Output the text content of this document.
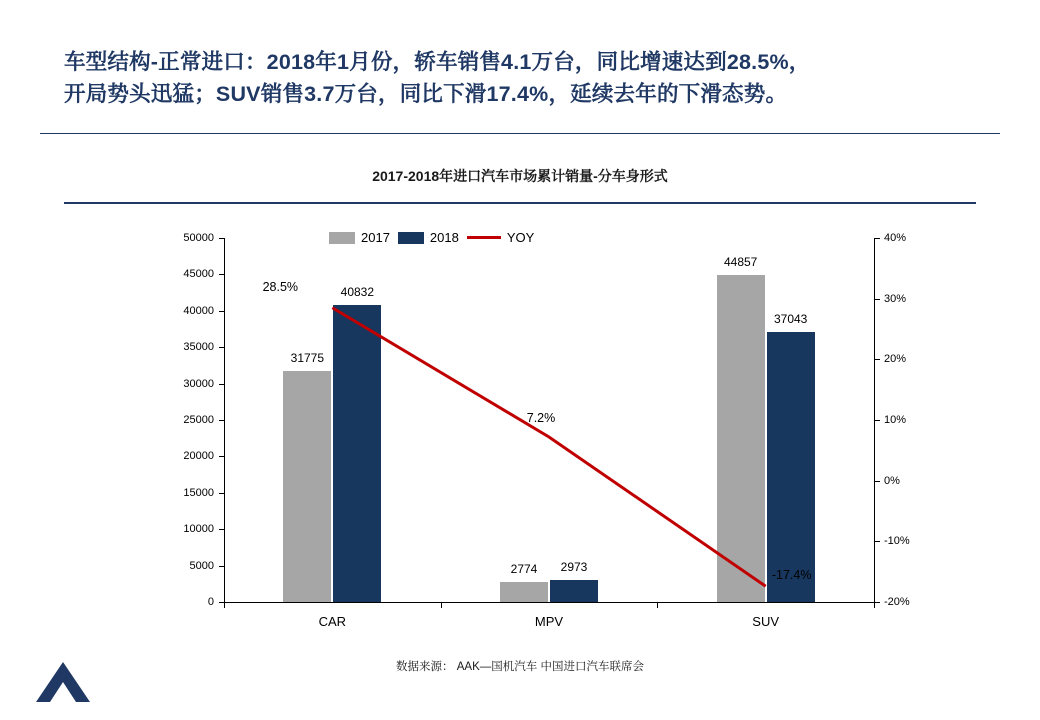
车型结构-正常进口：2018年1月份，轿车销售4.1万台，同比增速达到28.5%，
开局势头迅猛；SUV销售3.7万台，同比下滑17.4%，延续去年的下滑态势。
2017-2018年进口汽车市场累计销量-分车身形式
2017	2018	YOY
0
5000
10000
15000
20000
25000
30000
35000
40000
45000
50000
-20%
-10%
0%
10%
20%
30%
40%
CAR	MPV	SUV
31775
2774
44857
40832
2973
37043
28.5%
7.2%
-17.4%
数据来源： AAK—国机汽车 中国进口汽车联席会
